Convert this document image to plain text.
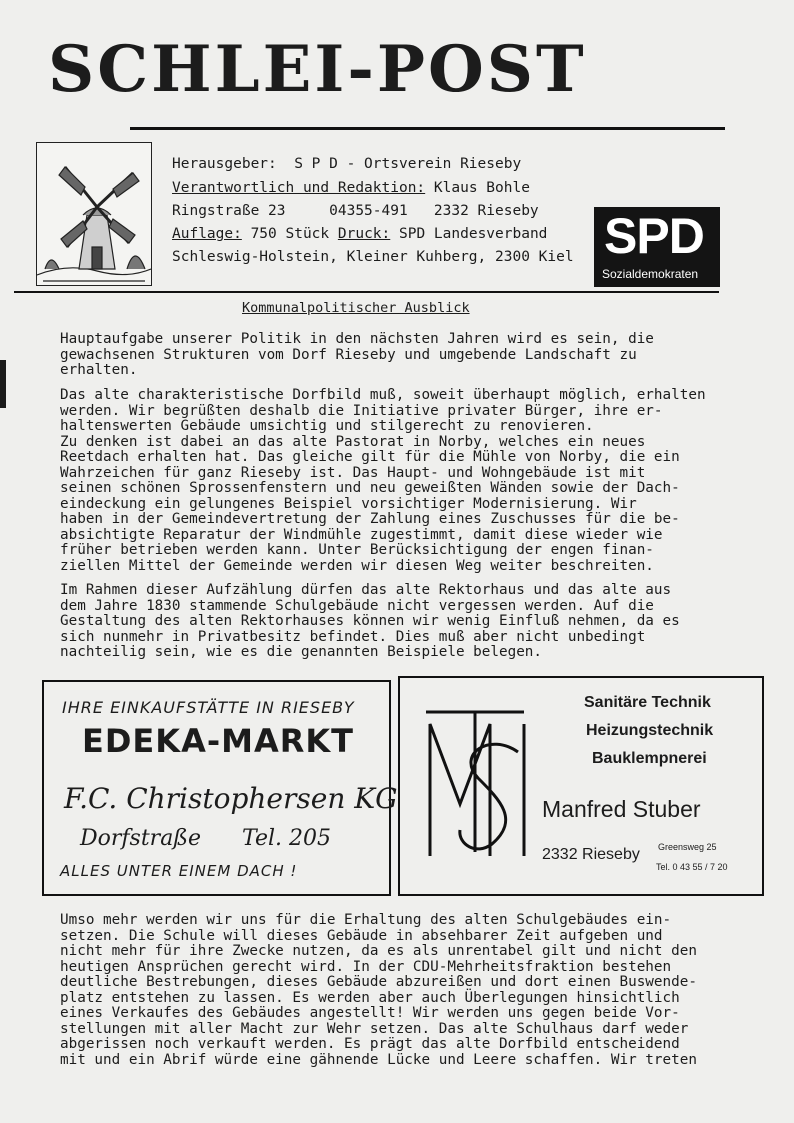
SCHLEI-POST
Herausgeber:  S P D - Ortsverein Rieseby
Verantwortlich und Redaktion: Klaus Bohle
Ringstraße 23     04355-491   2332 Rieseby
Auflage: 750 Stück Druck: SPD Landesverband
Schleswig-Holstein, Kleiner Kuhberg, 2300 Kiel SPD
Sozialdemokraten
Kommunalpolitischer Ausblick
Hauptaufgabe unserer Politik in den nächsten Jahren wird es sein, die
gewachsenen Strukturen vom Dorf Rieseby und umgebende Landschaft zu
erhalten.
Das alte charakteristische Dorfbild muß, soweit überhaupt möglich, erhalten
werden. Wir begrüßten deshalb die Initiative privater Bürger, ihre er-
haltenswerten Gebäude umsichtig und stilgerecht zu renovieren.
Zu denken ist dabei an das alte Pastorat in Norby, welches ein neues
Reetdach erhalten hat. Das gleiche gilt für die Mühle von Norby, die ein
Wahrzeichen für ganz Rieseby ist. Das Haupt- und Wohngebäude ist mit
seinen schönen Sprossenfenstern und neu geweißten Wänden sowie der Dach-
eindeckung ein gelungenes Beispiel vorsichtiger Modernisierung. Wir
haben in der Gemeindevertretung der Zahlung eines Zuschusses für die be-
absichtigte Reparatur der Windmühle zugestimmt, damit diese wieder wie
früher betrieben werden kann. Unter Berücksichtigung der engen finan-
ziellen Mittel der Gemeinde werden wir diesen Weg weiter beschreiten.
Im Rahmen dieser Aufzählung dürfen das alte Rektorhaus und das alte aus
dem Jahre 1830 stammende Schulgebäude nicht vergessen werden. Auf die
Gestaltung des alten Rektorhauses können wir wenig Einfluß nehmen, da es
sich nunmehr in Privatbesitz befindet. Dies muß aber nicht unbedingt
nachteilig sein, wie es die genannten Beispiele belegen.
IHRE EINKAUFSTÄTTE IN RIESEBY
EDEKA-MARKT
F.C. Christophersen KG
Dorfstraße Tel. 205
ALLES UNTER EINEM DACH !
Sanitäre Technik
Heizungstechnik
Bauklempnerei
Manfred Stuber
2332 Rieseby Greensweg 25
Tel. 0 43 55 / 7 20
Umso mehr werden wir uns für die Erhaltung des alten Schulgebäudes ein-
setzen. Die Schule will dieses Gebäude in absehbarer Zeit aufgeben und
nicht mehr für ihre Zwecke nutzen, da es als unrentabel gilt und nicht den
heutigen Ansprüchen gerecht wird. In der CDU-Mehrheitsfraktion bestehen
deutliche Bestrebungen, dieses Gebäude abzureißen und dort einen Buswende-
platz entstehen zu lassen. Es werden aber auch Überlegungen hinsichtlich
eines Verkaufes des Gebäudes angestellt! Wir werden uns gegen beide Vor-
stellungen mit aller Macht zur Wehr setzen. Das alte Schulhaus darf weder
abgerissen noch verkauft werden. Es prägt das alte Dorfbild entscheidend
mit und ein Abrif würde eine gähnende Lücke und Leere schaffen. Wir treten
